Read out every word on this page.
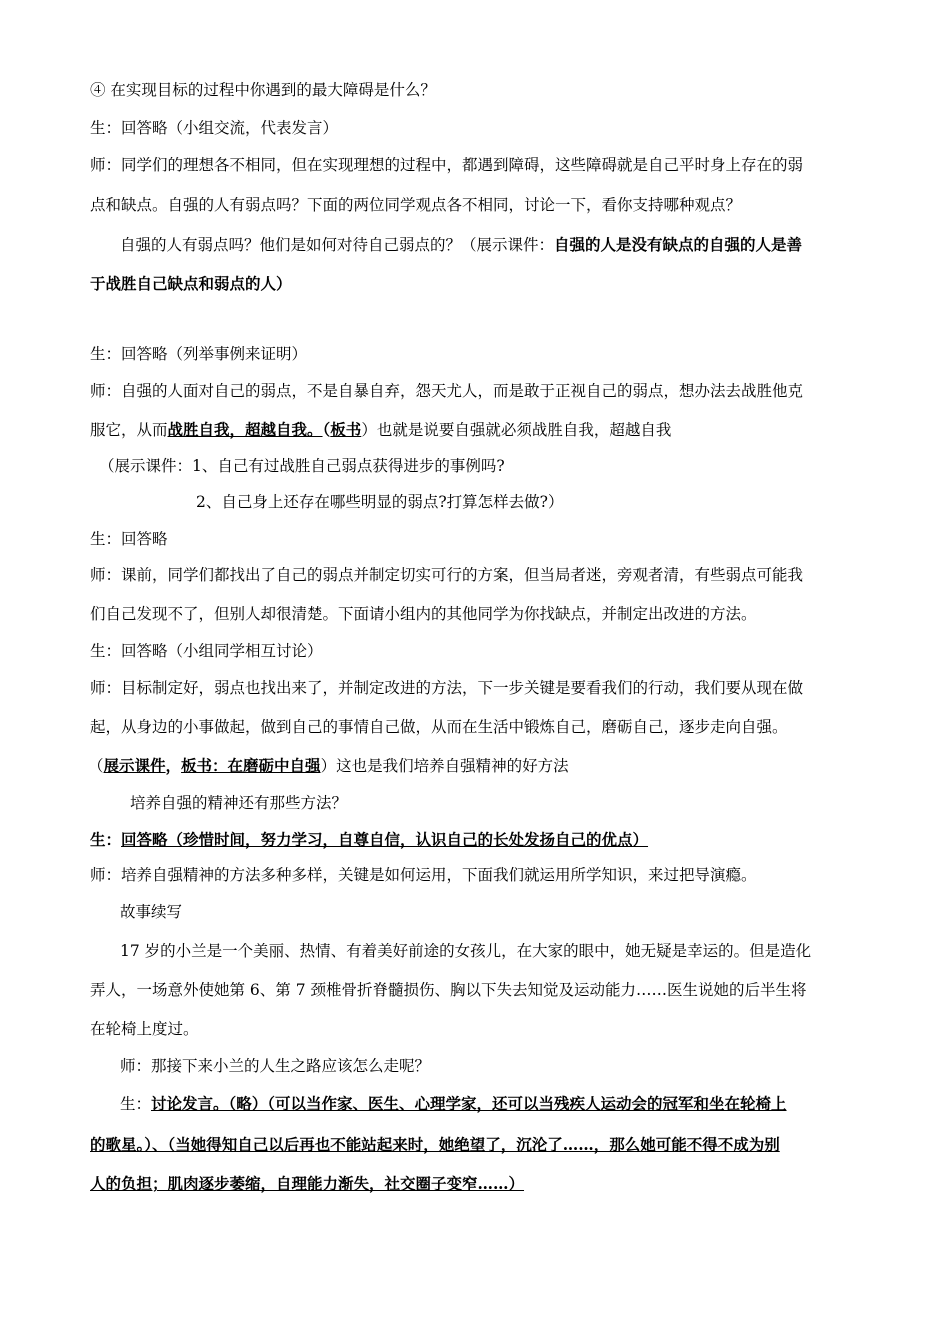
④ 在实现目标的过程中你遇到的最大障碍是什么？
生：回答略（小组交流，代表发言）
师：同学们的理想各不相同，但在实现理想的过程中，都遇到障碍，这些障碍就是自己平时身上存在的弱
点和缺点。自强的人有弱点吗？下面的两位同学观点各不相同，讨论一下，看你支持哪种观点？
自强的人有弱点吗？他们是如何对待自己弱点的？（展示课件：自强的人是没有缺点的自强的人是善
于战胜自己缺点和弱点的人）
生：回答略（列举事例来证明）
师：自强的人面对自己的弱点，不是自暴自弃，怨天尤人，而是敢于正视自己的弱点，想办法去战胜他克
服它，从而战胜自我，超越自我。（板书）也就是说要自强就必须战胜自我，超越自我
（展示课件：1、自己有过战胜自己弱点获得进步的事例吗?
2、自己身上还存在哪些明显的弱点?打算怎样去做?）
生：回答略
师：课前，同学们都找出了自己的弱点并制定切实可行的方案，但当局者迷，旁观者清，有些弱点可能我
们自己发现不了，但别人却很清楚。下面请小组内的其他同学为你找缺点，并制定出改进的方法。
生：回答略（小组同学相互讨论）
师：目标制定好，弱点也找出来了，并制定改进的方法，下一步关键是要看我们的行动，我们要从现在做
起，从身边的小事做起，做到自己的事情自己做，从而在生活中锻炼自己，磨砺自己，逐步走向自强。
（展示课件，板书：在磨砺中自强）这也是我们培养自强精神的好方法
培养自强的精神还有那些方法？
生：回答略（珍惜时间，努力学习，自尊自信，认识自己的长处发扬自己的优点）
师：培养自强精神的方法多种多样，关键是如何运用，下面我们就运用所学知识，来过把导演瘾。
故事续写
17 岁的小兰是一个美丽、热情、有着美好前途的女孩儿，在大家的眼中，她无疑是幸运的。但是造化
弄人，一场意外使她第 6、第 7 颈椎骨折脊髓损伤、胸以下失去知觉及运动能力……医生说她的后半生将
在轮椅上度过。
师：那接下来小兰的人生之路应该怎么走呢？
生：讨论发言。（略）（可以当作家、医生、心理学家，还可以当残疾人运动会的冠军和坐在轮椅上
的歌星。）、（当她得知自己以后再也不能站起来时，她绝望了，沉沦了……，那么她可能不得不成为别
人的负担；肌肉逐步萎缩，自理能力渐失，社交圈子变窄……）
